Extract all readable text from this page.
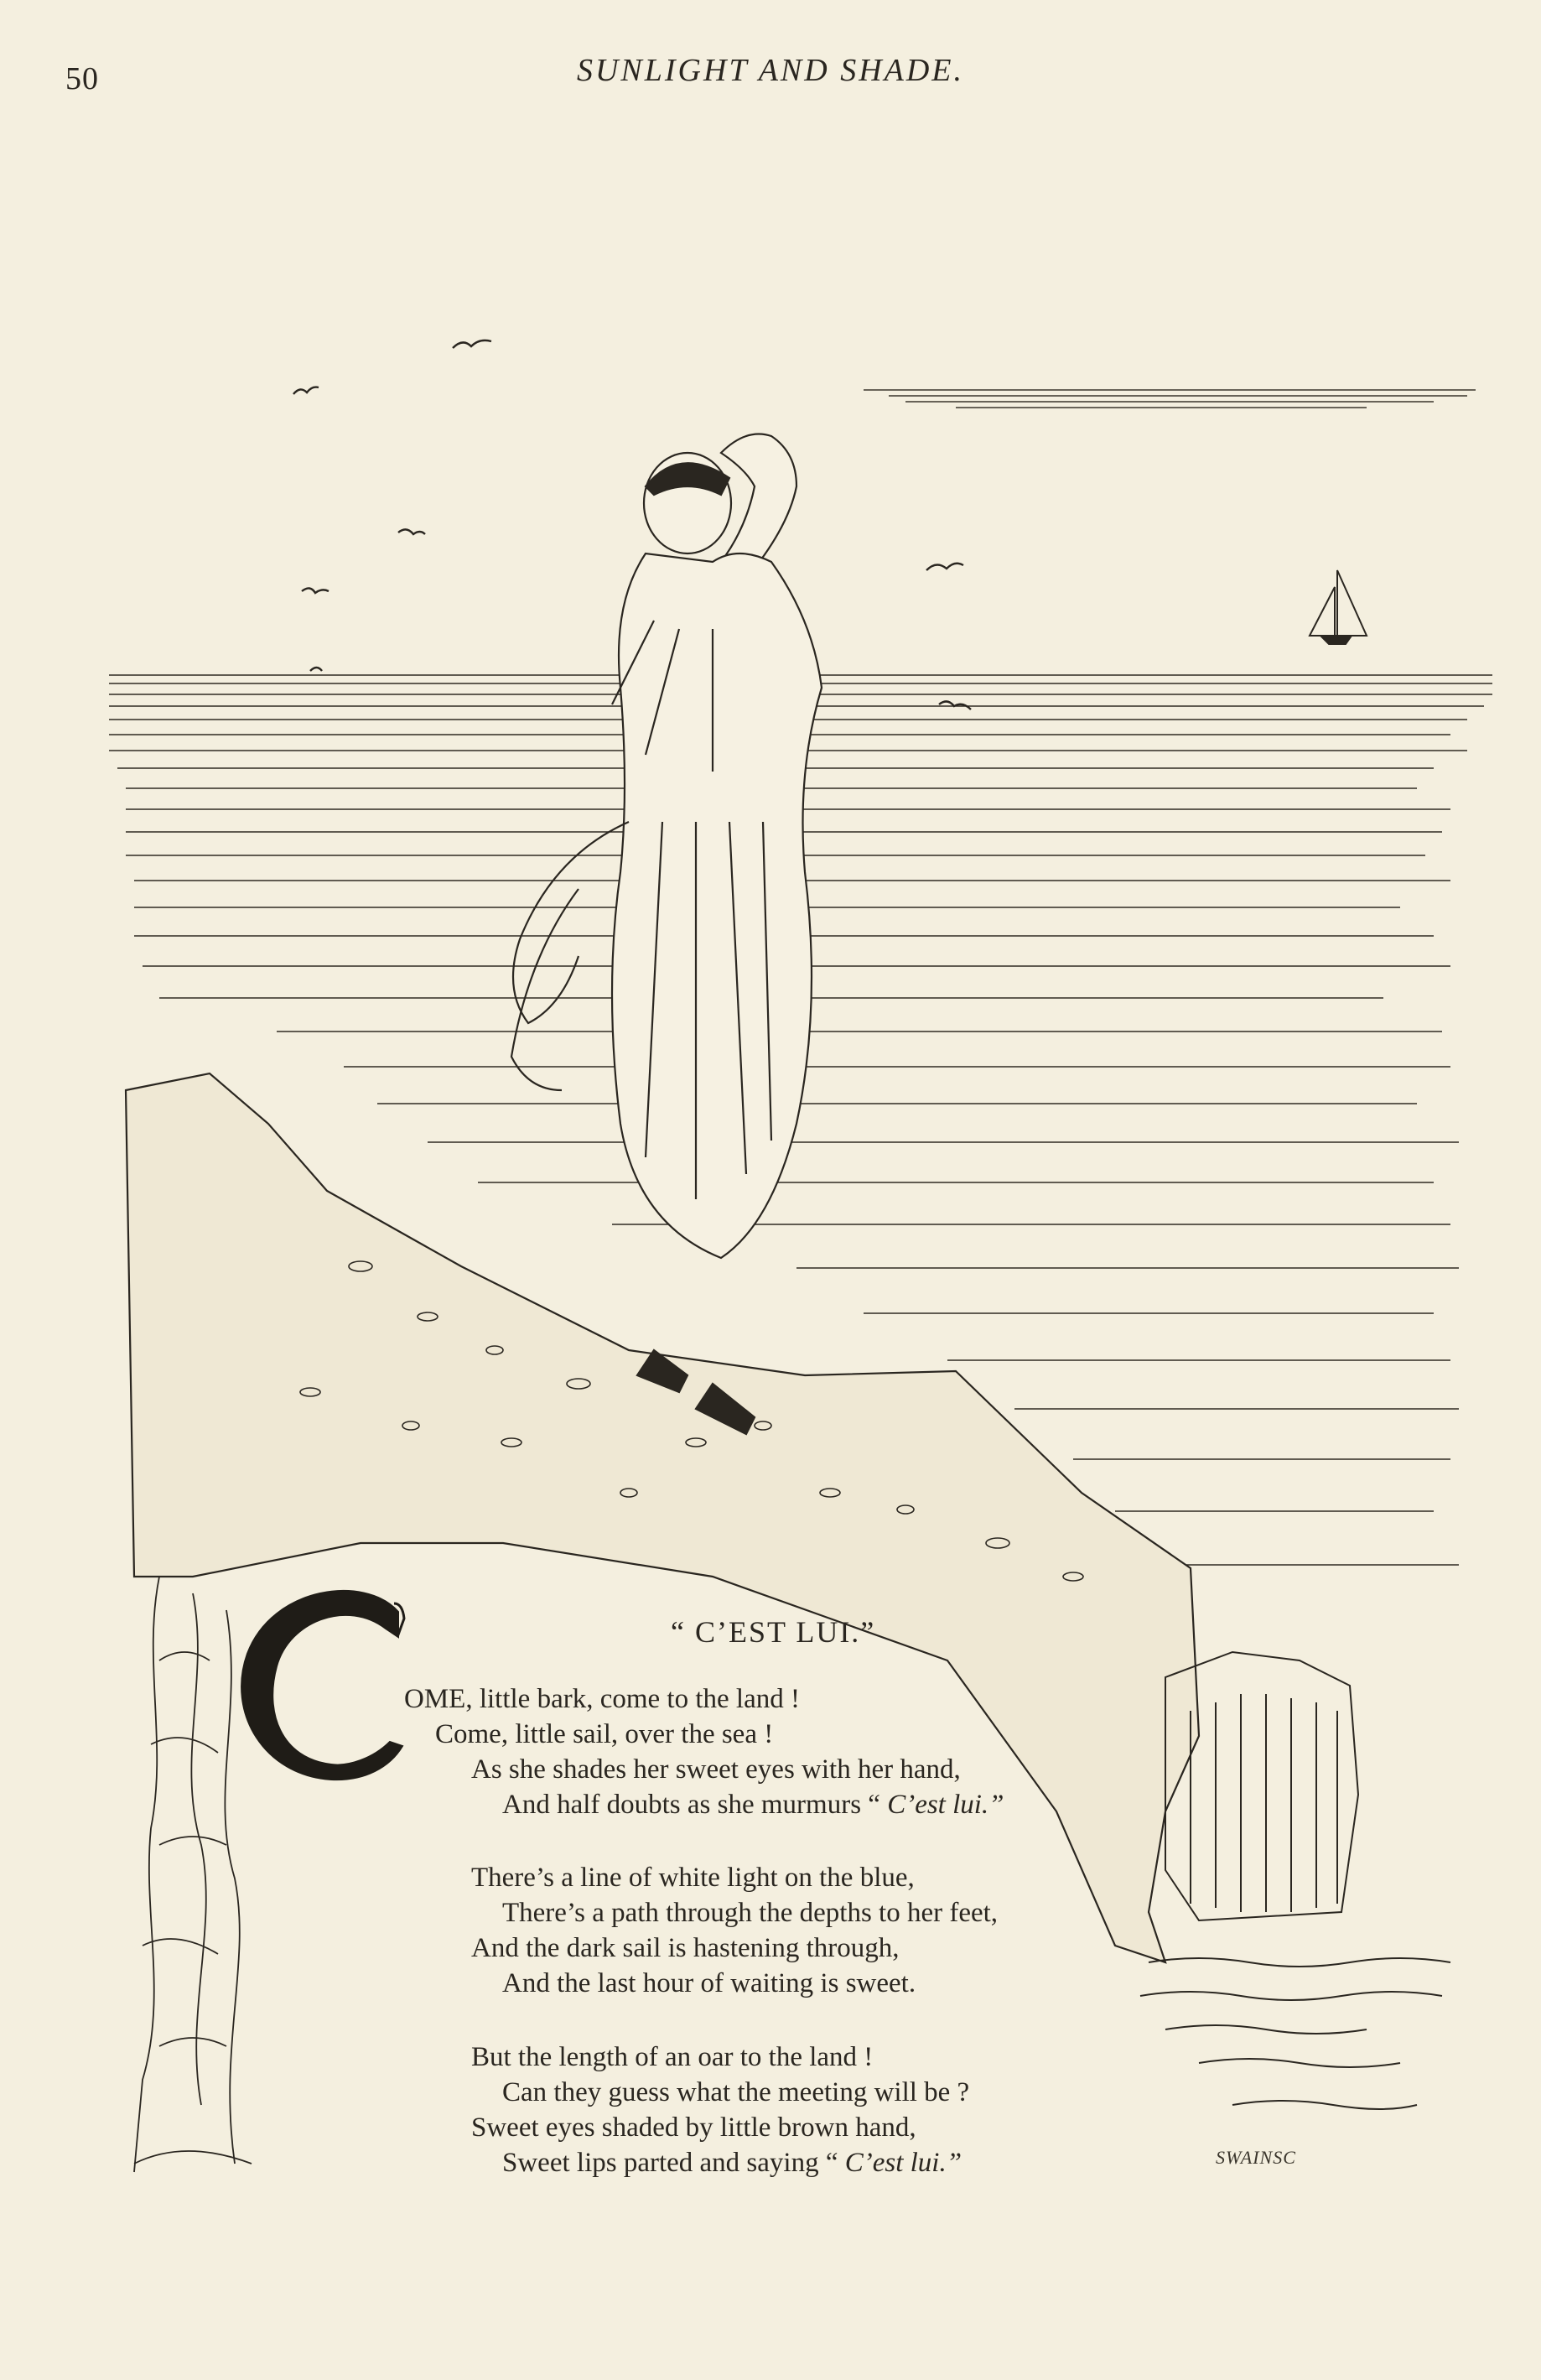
50	SUNLIGHT AND SHADE.
“ C’EST LUI.”
OME, little bark, come to the land !
Come, little sail, over the sea !
As she shades her sweet eyes with her hand,
And half doubts as she murmurs “ C’est lui.”
There’s a line of white light on the blue,
There’s a path through the depths to her feet,
And the dark sail is hastening through,
And the last hour of waiting is sweet.
But the length of an oar to the land !
Can they guess what the meeting will be ?
Sweet eyes shaded by little brown hand,
Sweet lips parted and saying “ C’est lui.”	SWAINSC
